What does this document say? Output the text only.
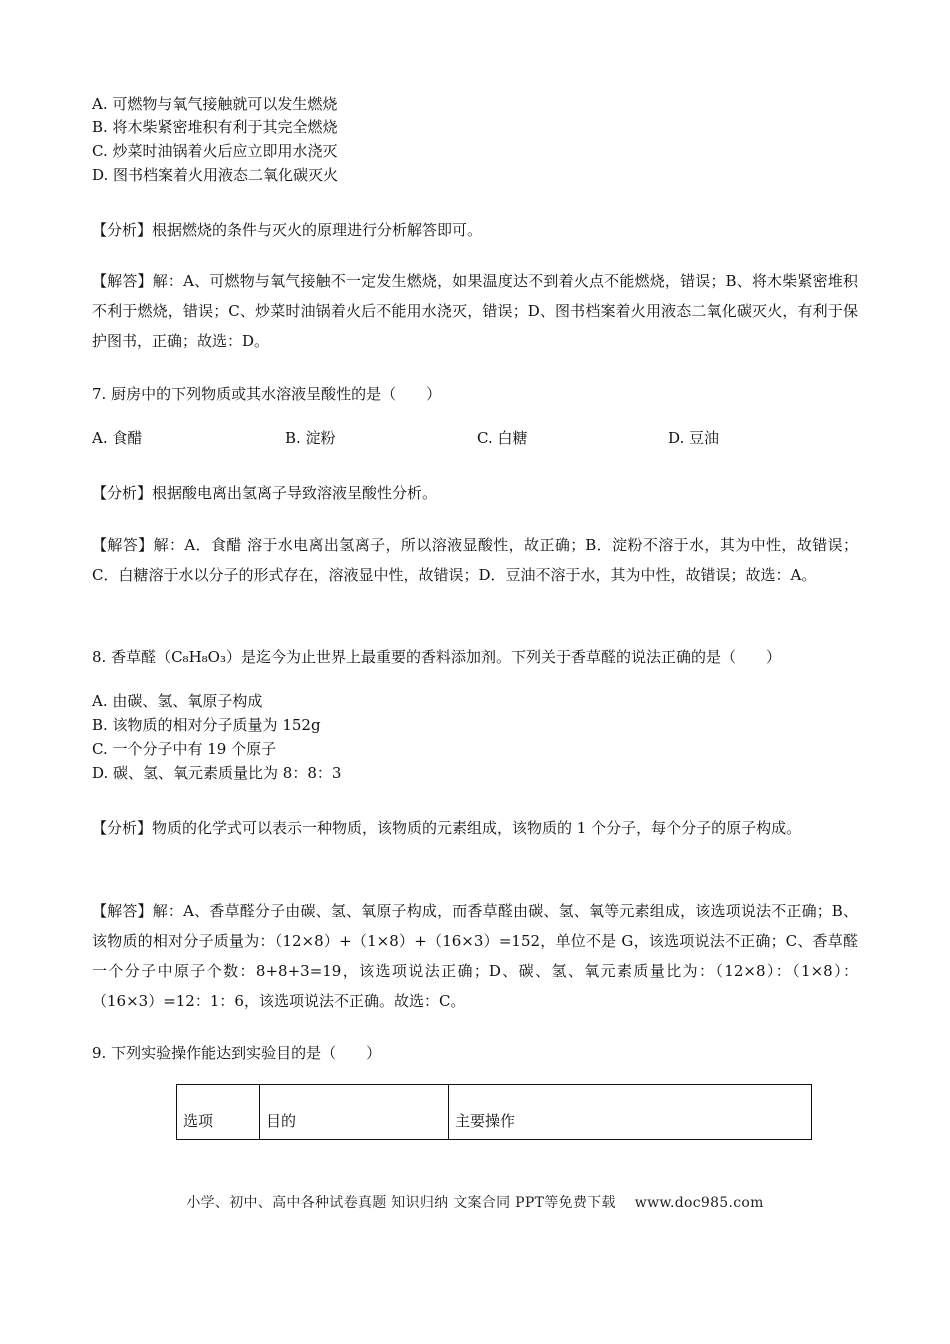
A. 可燃物与氧气接触就可以发生燃烧
B. 将木柴紧密堆积有利于其完全燃烧
C. 炒菜时油锅着火后应立即用水浇灭
D. 图书档案着火用液态二氧化碳灭火
【分析】根据燃烧的条件与灭火的原理进行分析解答即可。
【解答】解：A、可燃物与氧气接触不一定发生燃烧，如果温度达不到着火点不能燃烧，错误；B、将木柴紧密堆积不利于燃烧，错误；C、炒菜时油锅着火后不能用水浇灭，错误；D、图书档案着火用液态二氧化碳灭火，有利于保护图书，正确；故选：D。
7. 厨房中的下列物质或其水溶液呈酸性的是（　　）
A. 食醋	B. 淀粉	C. 白糖	D. 豆油
【分析】根据酸电离出氢离子导致溶液呈酸性分析。
【解答】解：A．食醋 溶于水电离出氢离子，所以溶液显酸性，故正确；B．淀粉不溶于水，其为中性，故错误；C．白糖溶于水以分子的形式存在，溶液显中性，故错误；D．豆油不溶于水，其为中性，故错误；故选：A。
8. 香草醛（C₈H₈O₃）是迄今为止世界上最重要的香料添加剂。下列关于香草醛的说法正确的是（　　）
A. 由碳、氢、氧原子构成
B. 该物质的相对分子质量为 152g
C. 一个分子中有 19 个原子
D. 碳、氢、氧元素质量比为 8：8：3
【分析】物质的化学式可以表示一种物质，该物质的元素组成，该物质的 1 个分子，每个分子的原子构成。
【解答】解：A、香草醛分子由碳、氢、氧原子构成，而香草醛由碳、氢、氧等元素组成，该选项说法不正确；B、该物质的相对分子质量为：（12×8）+（1×8）+（16×3）=152，单位不是 G，该选项说法不正确；C、香草醛一个分子中原子个数：8+8+3=19，该选项说法正确；D、碳、氢、氧元素质量比为：（12×8）：（1×8）：（16×3）=12：1：6，该选项说法不正确。故选：C。
9. 下列实验操作能达到实验目的是（　　）
选项	目的	主要操作
小学、初中、高中各种试卷真题 知识归纳 文案合同 PPT等免费下载　 www.doc985.com
